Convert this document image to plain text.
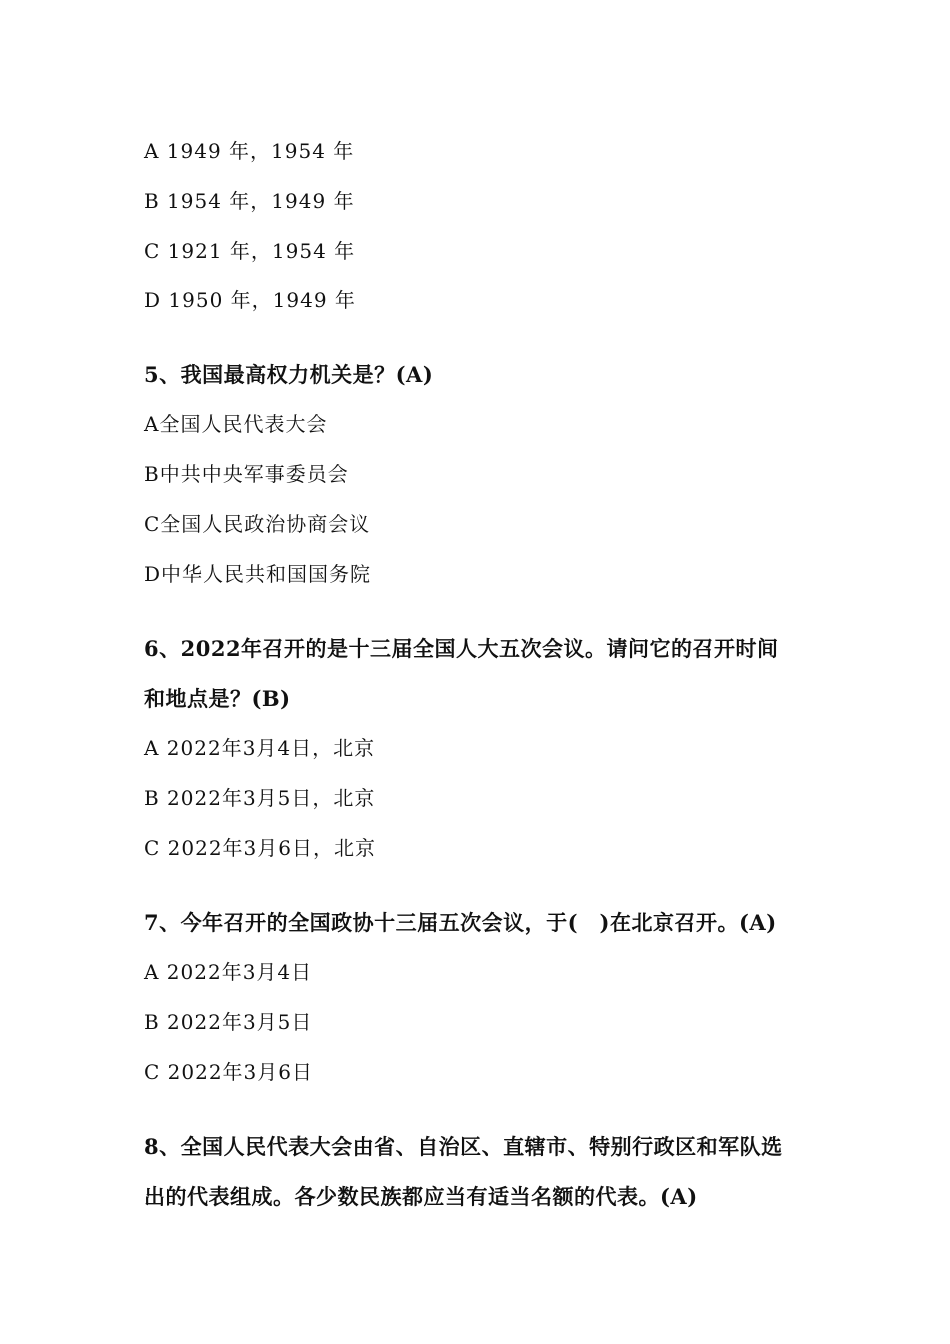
A 1949 年，1954 年
B 1954 年，1949 年
C 1921 年，1954 年
D 1950 年，1949 年
5、我国最高权力机关是？(A)
A全国人民代表大会
B中共中央军事委员会
C全国人民政治协商会议
D中华人民共和国国务院
6、2022年召开的是十三届全国人大五次会议。请问它的召开时间
和地点是？(B)
A 2022年3月4日，北京
B 2022年3月5日，北京
C 2022年3月6日，北京
7、今年召开的全国政协十三届五次会议，于(　)在北京召开。(A)
A 2022年3月4日
B 2022年3月5日
C 2022年3月6日
8、全国人民代表大会由省、自治区、直辖市、特别行政区和军队选
出的代表组成。各少数民族都应当有适当名额的代表。(A)
